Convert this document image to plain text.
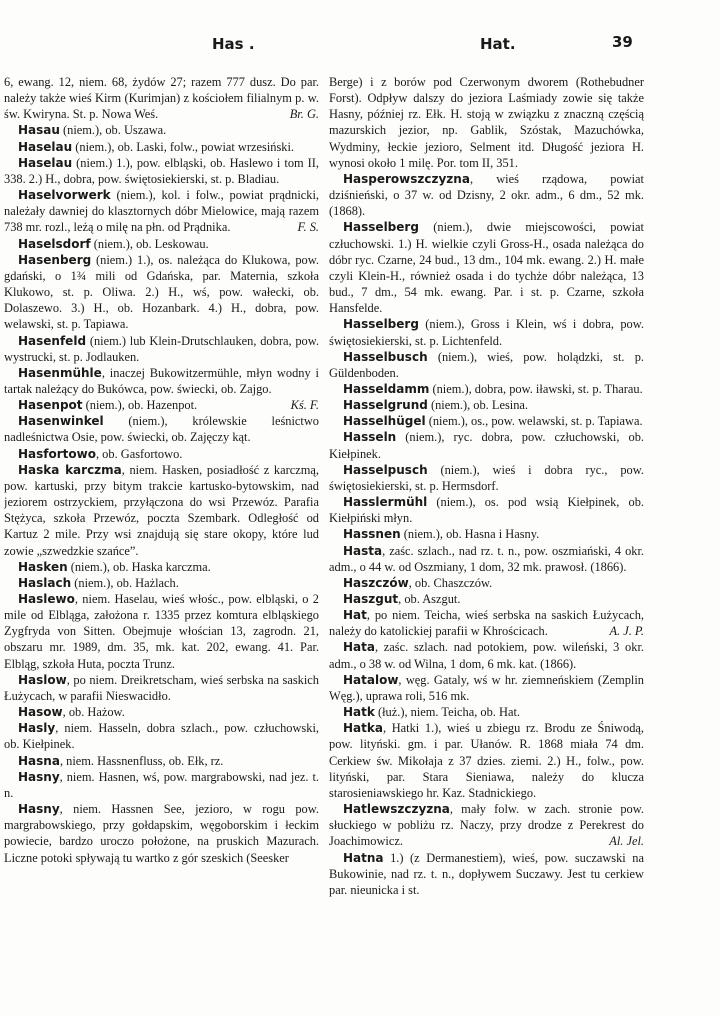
Has .	Hat.	39

6, ewang. 12, niem. 68, żydów 27; razem 777 dusz. Do par. należy także wieś Kirm (Kurimjan) z kościołem filialnym p. w. św. Kwiryna. St. p. Nowa Weś.	Br. G.

Hasau (niem.), ob. Uszawa.

Haselau (niem.), ob. Laski, folw., powiat wrzesiński.

Haselau (niem.) 1.), pow. elbląski, ob. Haslewo i tom II, 338. 2.) H., dobra, pow. świętosiekierski, st. p. Bladiau.

Haselvorwerk (niem.), kol. i folw., powiat prądnicki, należały dawniej do klasztornych dóbr Mielowice, mają razem 738 mr. rozl., leżą o milę na płn. od Prądnika.	F. S.

Haselsdorf (niem.), ob. Leskowau.

Hasenberg (niem.) 1.), os. należąca do Klukowa, pow. gdański, o 1¾ mili od Gdańska, par. Maternia, szkoła Klukowo, st. p. Oliwa. 2.) H., wś, pow. wałecki, ob. Dolaszewo. 3.) H., ob. Hozanbark. 4.) H., dobra, pow. welawski, st. p. Tapiawa.

Hasenfeld (niem.) lub Klein-Drutschlauken, dobra, pow. wystrucki, st. p. Jodlauken.

Hasenmühle, inaczej Bukowitzermühle, młyn wodny i tartak należący do Bukówca, pow. świecki, ob. Zajgo.
Kś. F.

Hasenpot (niem.), ob. Hazenpot.

Hasenwinkel (niem.), królewskie leśnictwo nadleśnictwa Osie, pow. świecki, ob. Zajęczy kąt.

Hasfortowo, ob. Gasfortowo.

Haska karczma, niem. Hasken, posiadłość z karczmą, pow. kartuski, przy bitym trakcie kartusko-bytowskim, nad jeziorem ostrzyckiem, przyłączona do wsi Przewóz. Parafia Stężyca, szkoła Przewóz, poczta Szembark. Odległość od Kartuz 2 mile. Przy wsi znajdują się stare okopy, które lud zowie „szwedzkie szańce”.

Hasken (niem.), ob. Haska karczma.

Haslach (niem.), ob. Hażlach.

Haslewo, niem. Haselau, wieś włośc., pow. elbląski, o 2 mile od Elbląga, założona r. 1335 przez komtura elbląskiego Zygfryda von Sitten. Obejmuje włościan 13, zagrodn. 21, obszaru mr. 1989, dm. 35, mk. kat. 202, ewang. 41. Par. Elbląg, szkoła Huta, poczta Trunz.

Haslow, po niem. Dreikretscham, wieś serbska na saskich Łużycach, w parafii Nieswacidło.

Hasow, ob. Hażow.

Hasly, niem. Hasseln, dobra szlach., pow. człuchowski, ob. Kiełpinek.

Hasna, niem. Hassnenfluss, ob. Ełk, rz.

Hasny, niem. Hasnen, wś, pow. margrabowski, nad jez. t. n.

Hasny, niem. Hassnen See, jezioro, w rogu pow. margrabowskiego, przy gołdapskim, węgoborskim i łeckim powiecie, bardzo uroczo położone, na pruskich Mazurach. Liczne potoki spływają tu wartko z gór szeskich (Seesker

Berge) i z borów pod Czerwonym dworem (Rothebudner Forst). Odpływ dalszy do jeziora Laśmiady zowie się także Hasny, później rz. Ełk. H. stoją w związku z znaczną częścią mazurskich jezior, np. Gablik, Szóstak, Mazuchówka, Wydminy, łeckie jezioro, Selment itd. Długość jeziora H. wynosi około 1 milę. Por. tom II, 351.

Hasperowszczyzna, wieś rządowa, powiat dziśnieński, o 37 w. od Dzisny, 2 okr. adm., 6 dm., 52 mk. (1868).

Hasselberg (niem.), dwie miejscowości, powiat człuchowski. 1.) H. wielkie czyli Gross-H., osada należąca do dóbr ryc. Czarne, 24 bud., 13 dm., 104 mk. ewang. 2.) H. małe czyli Klein-H., również osada i do tychże dóbr należąca, 13 bud., 7 dm., 54 mk. ewang. Par. i st. p. Czarne, szkoła Hansfelde.

Hasselberg (niem.), Gross i Klein, wś i dobra, pow. świętosiekierski, st. p. Lichtenfeld.

Hasselbusch (niem.), wieś, pow. holądzki, st. p. Güldenboden.

Hasseldamm (niem.), dobra, pow. iławski, st. p. Tharau.

Hasselgrund (niem.), ob. Lesina.

Hasselhügel (niem.), os., pow. welawski, st. p. Tapiawa.

Hasseln (niem.), ryc. dobra, pow. człuchowski, ob. Kiełpinek.

Hasselpusch (niem.), wieś i dobra ryc., pow. świętosiekierski, st. p. Hermsdorf.

Hasslermühl (niem.), os. pod wsią Kiełpinek, ob. Kiełpiński młyn.

Hassnen (niem.), ob. Hasna i Hasny.

Hasta, zaśc. szlach., nad rz. t. n., pow. oszmiański, 4 okr. adm., o 44 w. od Oszmiany, 1 dom, 32 mk. prawosł. (1866).

Haszczów, ob. Chaszczów.

Haszgut, ob. Aszgut.

Hat, po niem. Teicha, wieś serbska na saskich Łużycach, należy do katolickiej parafii w Khrościcach.	A. J. P.

Hata, zaśc. szlach. nad potokiem, pow. wileński, 3 okr. adm., o 38 w. od Wilna, 1 dom, 6 mk. kat. (1866).

Hatalow, węg. Gataly, wś w hr. ziemneńskiem (Zemplin Węg.), uprawa roli, 516 mk.

Hatk (łuż.), niem. Teicha, ob. Hat.

Hatka, Hatki 1.), wieś u zbiegu rz. Brodu ze Śniwodą, pow. lityński. gm. i par. Ułanów. R. 1868 miała 74 dm. Cerkiew św. Mikołaja z 37 dzies. ziemi. 2.) H., folw., pow. lityński, par. Stara Sieniawa, należy do klucza starosieniawskiego hr. Kaz. Stadnickiego.

Hatlewszczyzna, mały folw. w zach. stronie pow. słuckiego w pobliżu rz. Naczy, przy drodze z Perekrest do Joachimowicz.	Al. Jel.

Hatna 1.) (z Dermanestiem), wieś, pow. suczawski na Bukowinie, nad rz. t. n., dopływem Suczawy. Jest tu cerkiew par. nieunicka i st.
